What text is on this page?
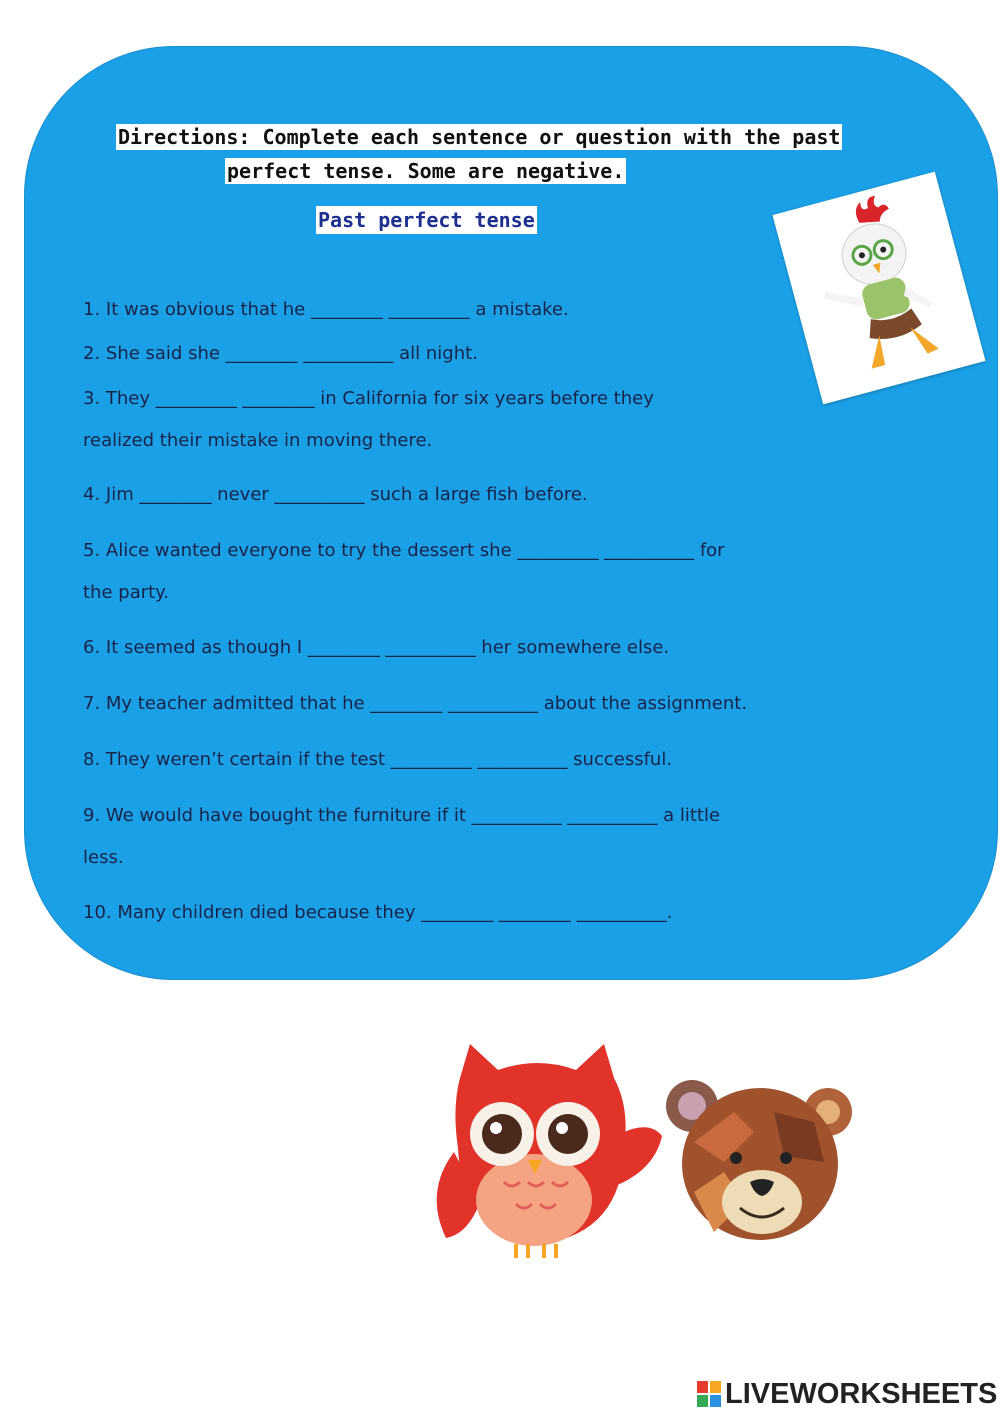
Directions: Complete each sentence or question with the past
perfect tense. Some are negative.
Past perfect tense
1. It was obvious that he ________ _________ a mistake.
2. She said she ________ __________ all night.
3. They _________ ________ in California for six years before they
realized their mistake in moving there.
4. Jim ________ never __________ such a large fish before.
5. Alice wanted everyone to try the dessert she _________ __________ for
the party.
6. It seemed as though I ________ __________ her somewhere else.
7. My teacher admitted that he ________ __________ about the assignment.
8. They weren’t certain if the test _________ __________ successful.
9. We would have bought the furniture if it __________ __________ a little
less.
10. Many children died because they ________ ________ __________.
LIVEWORKSHEETS
